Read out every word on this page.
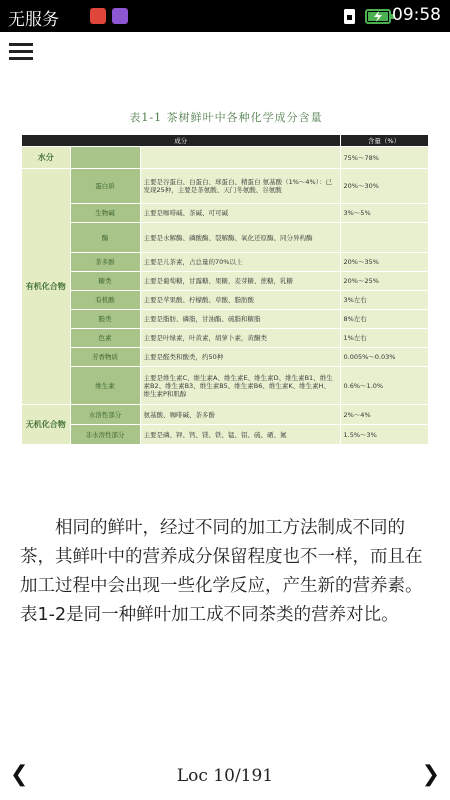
无服务	09:58
表1-1 茶树鲜叶中各种化学成分含量
成分			含量（%）
水分			75%～78%
有机化合物	蛋白质	主要是谷蛋白、白蛋白、球蛋白、精蛋白 氨基酸（1%～4%）：已发现25种，主要是茶氨酸、天门冬氨酸、谷氨酸	20%～30%
	生物碱	主要是咖啡碱、茶碱、可可碱	3%～5%
	酶	主要是水解酶、磷酸酶、裂解酶、氧化还原酶、同分异构酶	
	茶多酚	主要是儿茶素，占总量的70%以上	20%～35%
	糖类	主要是葡萄糖，甘露糖、果糖，麦芽糖、蔗糖，乳糖	20%～25%
	有机酸	主要是苹果酸、柠檬酸、草酸、脂肪酸	3%左右
	脂类	主要是脂肪、磷脂，甘油酯、硫脂和糖脂	8%左右
	色素	主要是叶绿素，叶黄素，胡萝卜素，黄酮类	1%左右
	芳香物质	主要是醛类和酸类，约50种	0.005%～0.03%
	维生素	主要是维生素C、维生素A、维生素E、维生素D、维生素B1、维生素B2、维生素B3、维生素B5、维生素B6、维生素K、维生素H、维生素P和肌醇	0.6%～1.0%
无机化合物	水溶性部分	氨基酸、咖啡碱、茶多酚	2%～4%
	非水溶性部分	主要是磷、钾、钙、镁、铁、锰、铝、硫、硒、氟	1.5%～3%

相同的鲜叶，经过不同的加工方法制成不同的茶，其鲜叶中的营养成分保留程度也不一样，而且在加工过程中会出现一些化学反应，产生新的营养素。表1-2是同一种鲜叶加工成不同茶类的营养对比。

❮	Loc 10/191	❯
